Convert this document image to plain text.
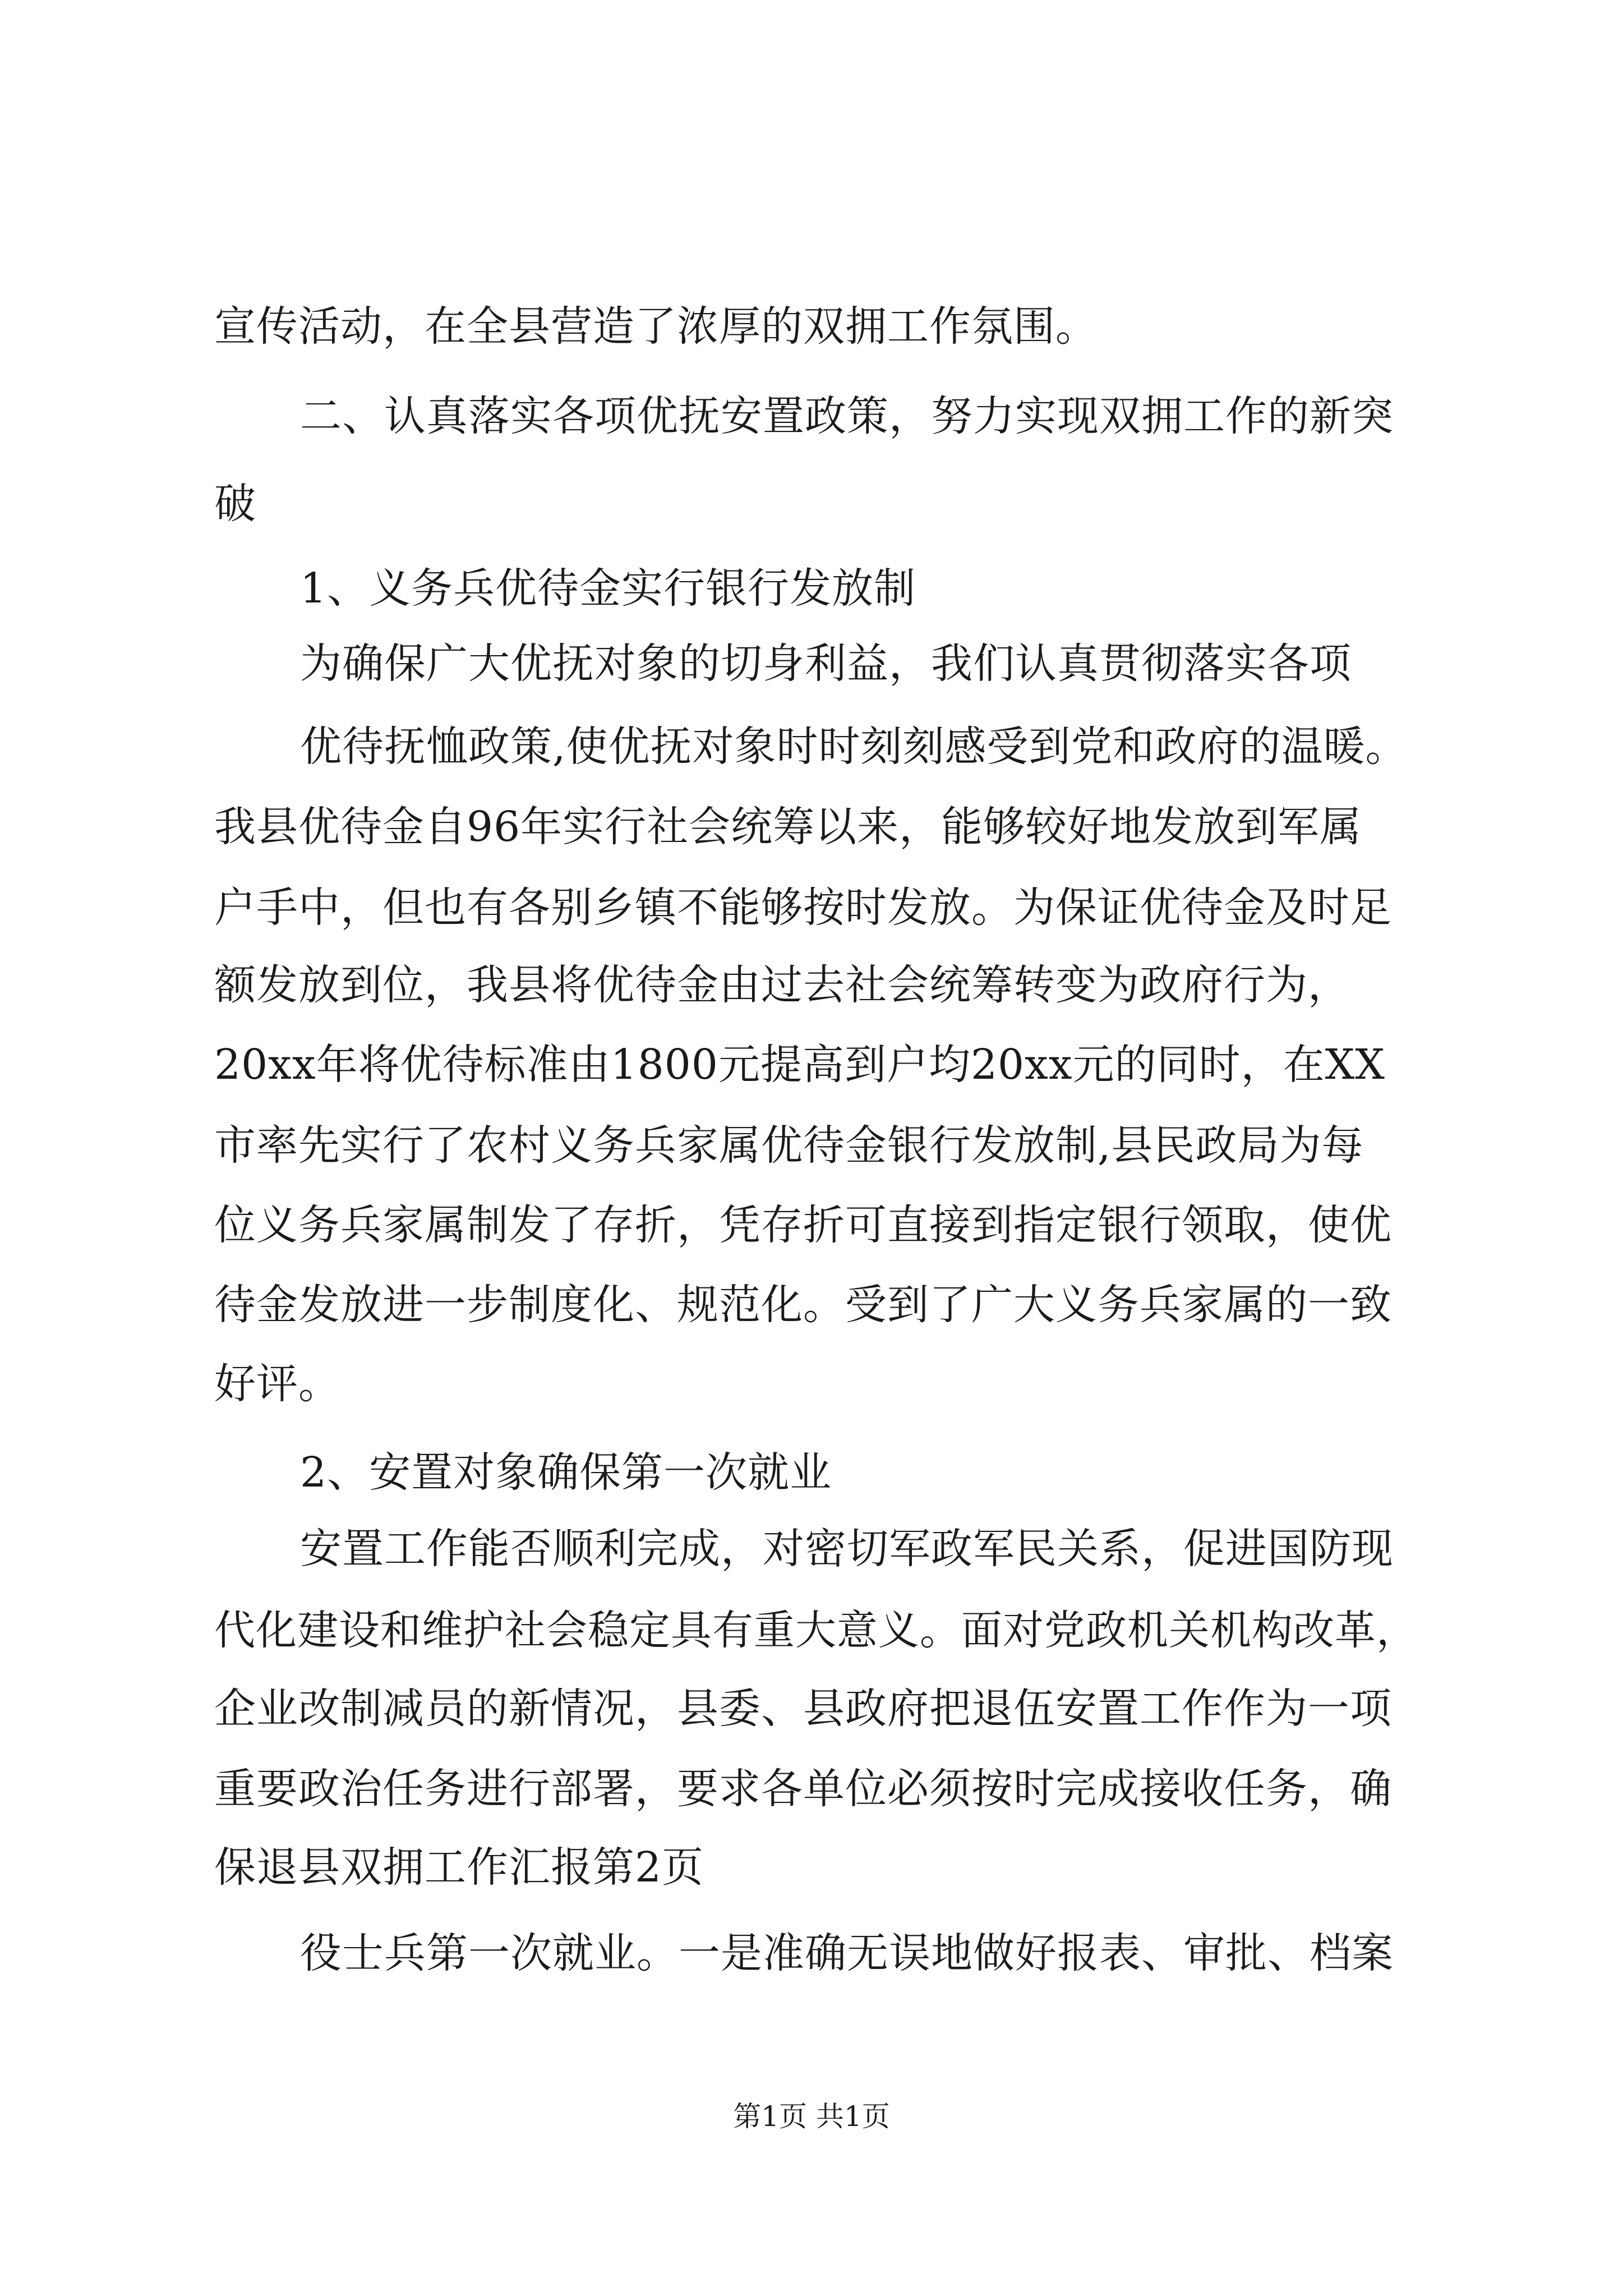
宣传活动，在全县营造了浓厚的双拥工作氛围。
二、认真落实各项优抚安置政策，努力实现双拥工作的新突
破
1、义务兵优待金实行银行发放制
为确保广大优抚对象的切身利益，我们认真贯彻落实各项
优待抚恤政策,使优抚对象时时刻刻感受到党和政府的温暖。
我县优待金自96年实行社会统筹以来，能够较好地发放到军属
户手中，但也有各别乡镇不能够按时发放。为保证优待金及时足
额发放到位，我县将优待金由过去社会统筹转变为政府行为，
20xx年将优待标准由1800元提高到户均20xx元的同时，在XX
市率先实行了农村义务兵家属优待金银行发放制,县民政局为每
位义务兵家属制发了存折，凭存折可直接到指定银行领取，使优
待金发放进一步制度化、规范化。受到了广大义务兵家属的一致
好评。
2、安置对象确保第一次就业
安置工作能否顺利完成，对密切军政军民关系，促进国防现
代化建设和维护社会稳定具有重大意义。面对党政机关机构改革，
企业改制减员的新情况，县委、县政府把退伍安置工作作为一项
重要政治任务进行部署，要求各单位必须按时完成接收任务，确
保退县双拥工作汇报第2页
役士兵第一次就业。一是准确无误地做好报表、审批、档案
第1页 共1页
